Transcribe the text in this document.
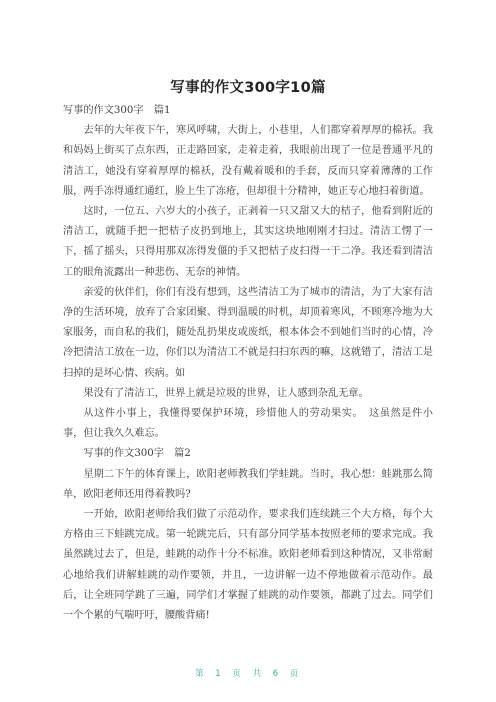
写事的作文300字10篇

写事的作文300字　篇1

去年的大年夜下午，寒风呼啸，大街上，小巷里，人们都穿着厚厚的棉袄。我和妈妈上街买了点东西，正走路回家，走着走着，我眼前出现了一位是普通平凡的清洁工，她没有穿着厚厚的棉袄，没有戴着暖和的手套，反而只穿着薄薄的工作服，两手冻得通红通红，脸上生了冻疮，但却很十分精神，她正专心地扫着街道。

这时，一位五、六岁大的小孩子，正剥着一只又甜又大的桔子，他看到附近的清洁工，就随手把一把桔子皮扔到地上，其实这块地刚刚才扫过。清洁工愣了一下，摇了摇头，只得用那双冻得发僵的手又把桔子皮扫得一干二净。我还看到清洁工的眼角流露出一种悲伤、无奈的神情。

亲爱的伙伴们，你们有没有想到，这些清洁工为了城市的清洁，为了大家有洁净的生活环境，放弃了合家团聚、得到温暖的时机，却顶着寒风，不顾寒冷地为大家服务，而自私的我们，随处乱扔果皮或废纸，根本体会不到她们当时的心情，冷冷把清洁工放在一边，你们以为清洁工不就是扫扫东西的嘛，这就错了，清洁工是扫掉的是坏心情、疾病。如

果没有了清洁工，世界上就是垃圾的世界，让人感到杂乱无章。

从这件小事上，我懂得要保护环境，珍惜他人的劳动果实。　这虽然是件小事，但让我久久难忘。

写事的作文300字　篇2

星期二下午的体育课上，欧阳老师教我们学蛙跳。当时，我心想：蛙跳那么简单，欧阳老师还用得着教吗?

一开始，欧阳老师给我们做了示范动作，要求我们连续跳三个大方格，每个大方格由三下蛙跳完成。第一轮跳完后，只有部分同学基本按照老师的要求完成。我虽然跳过去了，但是，蛙跳的动作十分不标准。欧阳老师看到这种情况，又非常耐心地给我们讲解蛙跳的动作要领，并且，一边讲解一边不停地做着示范动作。最后，让全班同学跳了三遍，同学们才掌握了蛙跳的动作要领，都跳了过去。同学们一个个累的气喘吁吁，腰酸背痛!

第 1 页 共 6 页
